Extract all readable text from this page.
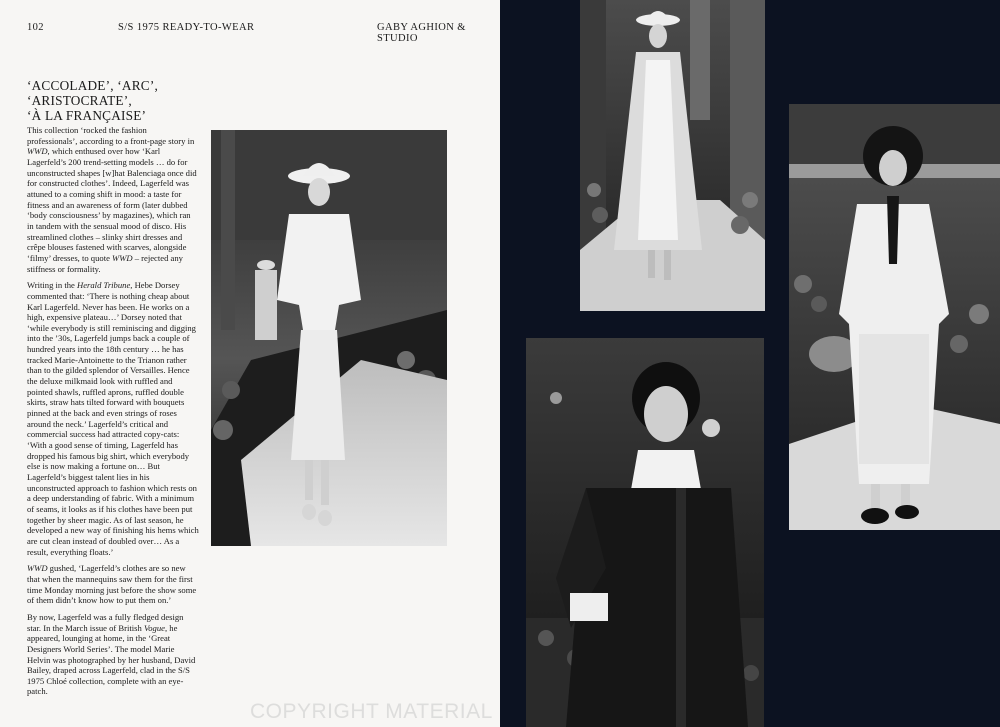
102	S/S 1975 READY-TO-WEAR	GABY AGHION & STUDIO
‘ACCOLADE’, ‘ARC’,
‘ARISTOCRATE’,
‘À LA FRANÇAISE’

This collection ‘rocked the fashion professionals’, according to a front-page story in WWD, which enthused over how ‘Karl Lagerfeld’s 200 trend-setting models … do for unconstructed shapes [w]hat Balenciaga once did for constructed clothes’. Indeed, Lagerfeld was attuned to a coming shift in mood: a taste for fitness and an awareness of form (later dubbed ‘body consciousness’ by magazines), which ran in tandem with the sensual mood of disco. His streamlined clothes – slinky shirt dresses and crêpe blouses fastened with scarves, alongside ‘filmy’ dresses, to quote WWD – rejected any stiffness or formality.

Writing in the Herald Tribune, Hebe Dorsey commented that: ‘There is nothing cheap about Karl Lagerfeld. Never has been. He works on a high, expensive plateau…’ Dorsey noted that ‘while everybody is still reminiscing and digging into the ’30s, Lagerfeld jumps back a couple of hundred years into the 18th century … he has tracked Marie-Antoinette to the Trianon rather than to the gilded splendor of Versailles. Hence the deluxe milkmaid look with ruffled and pointed shawls, ruffled aprons, ruffled double skirts, straw hats tilted forward with bouquets pinned at the back and even strings of roses around the neck.’ Lagerfeld’s critical and commercial success had attracted copy-cats: ‘With a good sense of timing, Lagerfeld has dropped his famous big shirt, which everybody else is now making a fortune on… But Lagerfeld’s biggest talent lies in his unconstructed approach to fashion which rests on a deep understanding of fabric. With a minimum of seams, it looks as if his clothes have been put together by sheer magic. As of last season, he developed a new way of finishing his hems which are cut clean instead of doubled over… As a result, everything floats.’

WWD gushed, ‘Lagerfeld’s clothes are so new that when the mannequins saw them for the first time Monday morning just before the show some of them didn’t know how to put them on.’

By now, Lagerfeld was a fully fledged design star. In the March issue of British Vogue, he appeared, lounging at home, in the ‘Great Designers World Series’. The model Marie Helvin was photographed by her husband, David Bailey, draped across Lagerfeld, clad in the S/S 1975 Chloé collection, complete with an eye-patch.

COPYRIGHT MATERIAL
